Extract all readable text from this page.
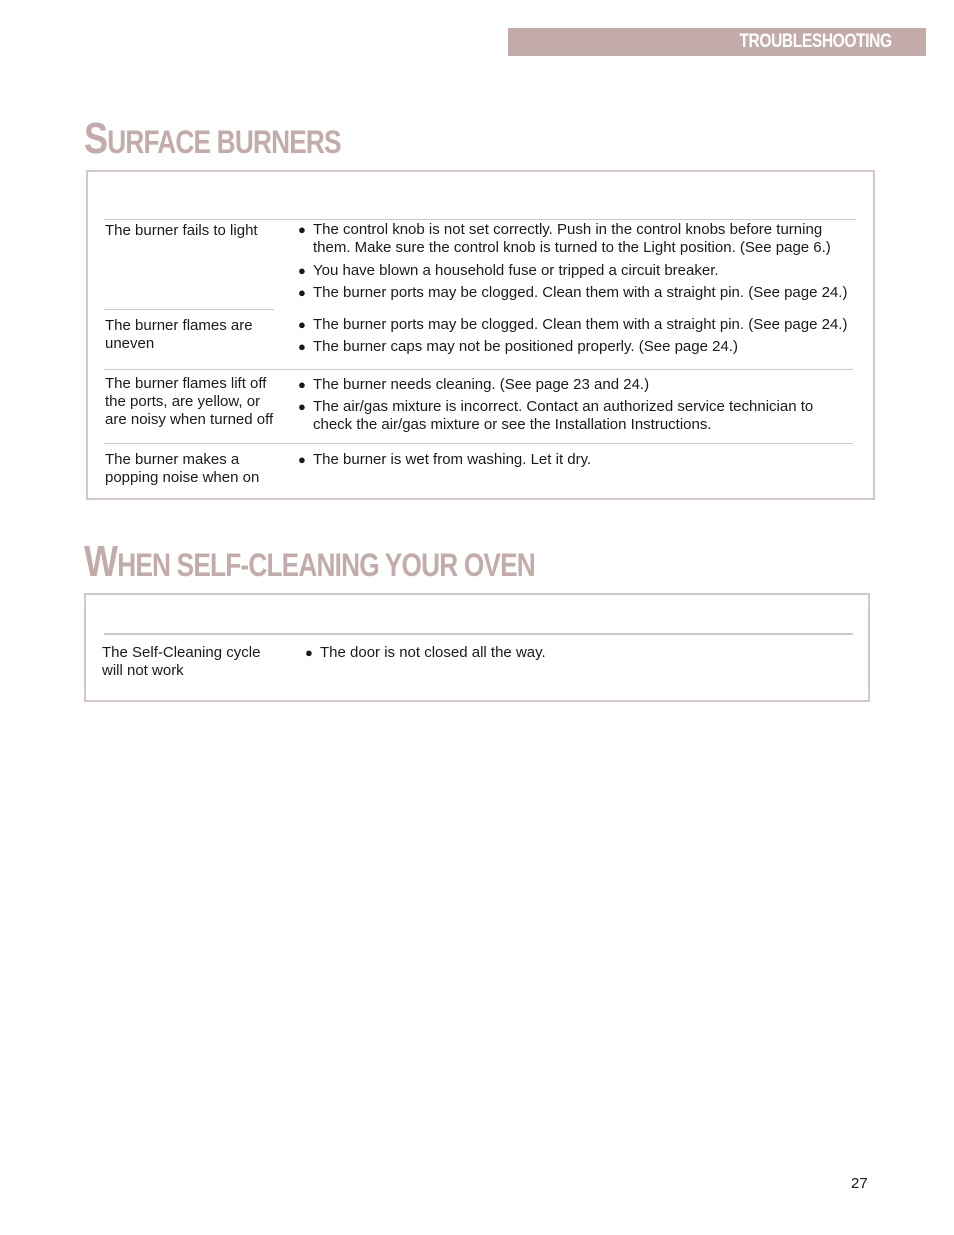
TROUBLESHOOTING
SURFACE BURNERS
The burner fails to light
●	The control knob is not set correctly. Push in the control knobs before turning them. Make sure the control knob is turned to the Light position. (See page 6.)
● You have blown a household fuse or tripped a circuit breaker.
● The burner ports may be clogged. Clean them with a straight pin. (See page 24.)
The burner flames are uneven
● The burner ports may be clogged. Clean them with a straight pin. (See page 24.)
● The burner caps may not be positioned properly. (See page 24.)
The burner flames lift off the ports, are yellow, or are noisy when turned off
● The burner needs cleaning. (See page 23 and 24.)
● The air/gas mixture is incorrect. Contact an authorized service technician to check the air/gas mixture or see the Installation Instructions.
The burner makes a popping noise when on
● The burner is wet from washing. Let it dry.
WHEN SELF-CLEANING YOUR OVEN
The Self-Cleaning cycle will not work
● The door is not closed all the way.
27
